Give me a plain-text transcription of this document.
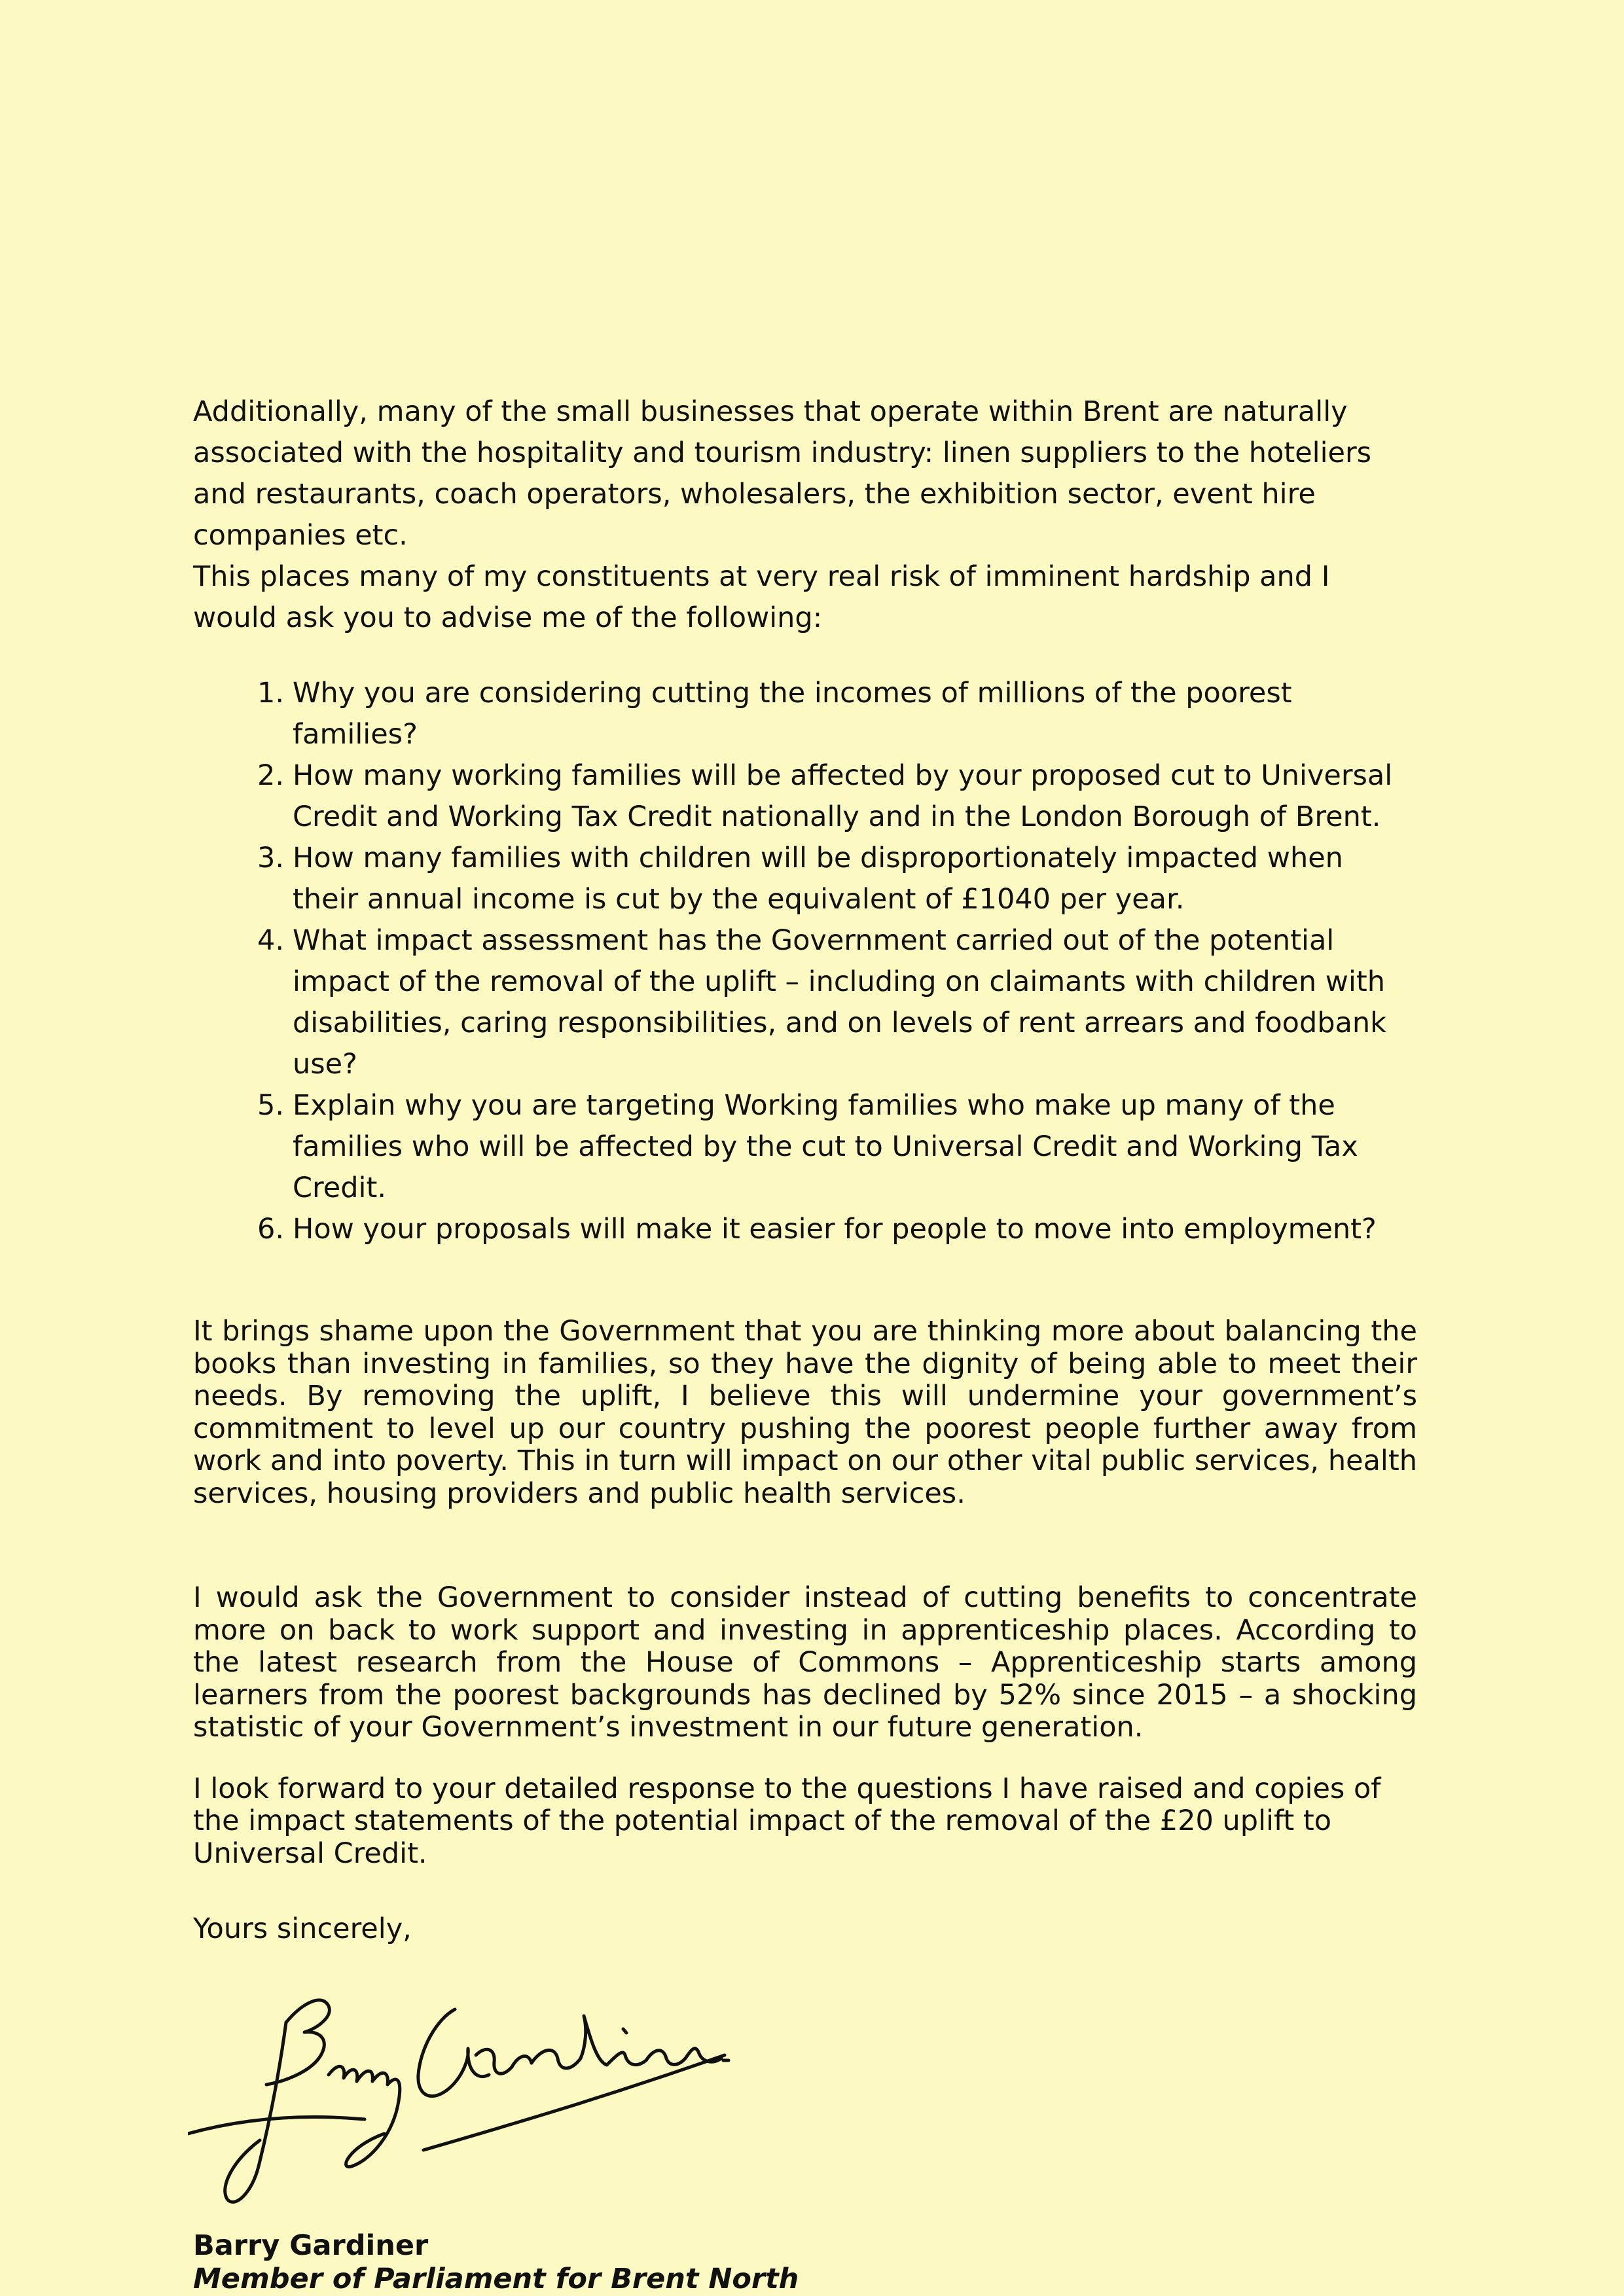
Additionally, many of the small businesses that operate within Brent are naturally associated with the hospitality and tourism industry: linen suppliers to the hoteliers and restaurants, coach operators, wholesalers, the exhibition sector, event hire companies etc.

This places many of my constituents at very real risk of imminent hardship and I would ask you to advise me of the following:

1. Why you are considering cutting the incomes of millions of the poorest families?
2. How many working families will be affected by your proposed cut to Universal Credit and Working Tax Credit nationally and in the London Borough of Brent.
3. How many families with children will be disproportionately impacted when their annual income is cut by the equivalent of £1040 per year.
4. What impact assessment has the Government carried out of the potential impact of the removal of the uplift – including on claimants with children with disabilities, caring responsibilities, and on levels of rent arrears and foodbank use?
5. Explain why you are targeting Working families who make up many of the families who will be affected by the cut to Universal Credit and Working Tax Credit.
6. How your proposals will make it easier for people to move into employment?

It brings shame upon the Government that you are thinking more about balancing the books than investing in families, so they have the dignity of being able to meet their needs. By removing the uplift, I believe this will undermine your government’s commitment to level up our country pushing the poorest people further away from work and into poverty. This in turn will impact on our other vital public services, health services, housing providers and public health services.

I would ask the Government to consider instead of cutting benefits to concentrate more on back to work support and investing in apprenticeship places. According to the latest research from the House of Commons – Apprenticeship starts among learners from the poorest backgrounds has declined by 52% since 2015 – a shocking statistic of your Government’s investment in our future generation.

I look forward to your detailed response to the questions I have raised and copies of the impact statements of the potential impact of the removal of the £20 uplift to Universal Credit.

Yours sincerely,
Barry Gardiner
Member of Parliament for Brent North
